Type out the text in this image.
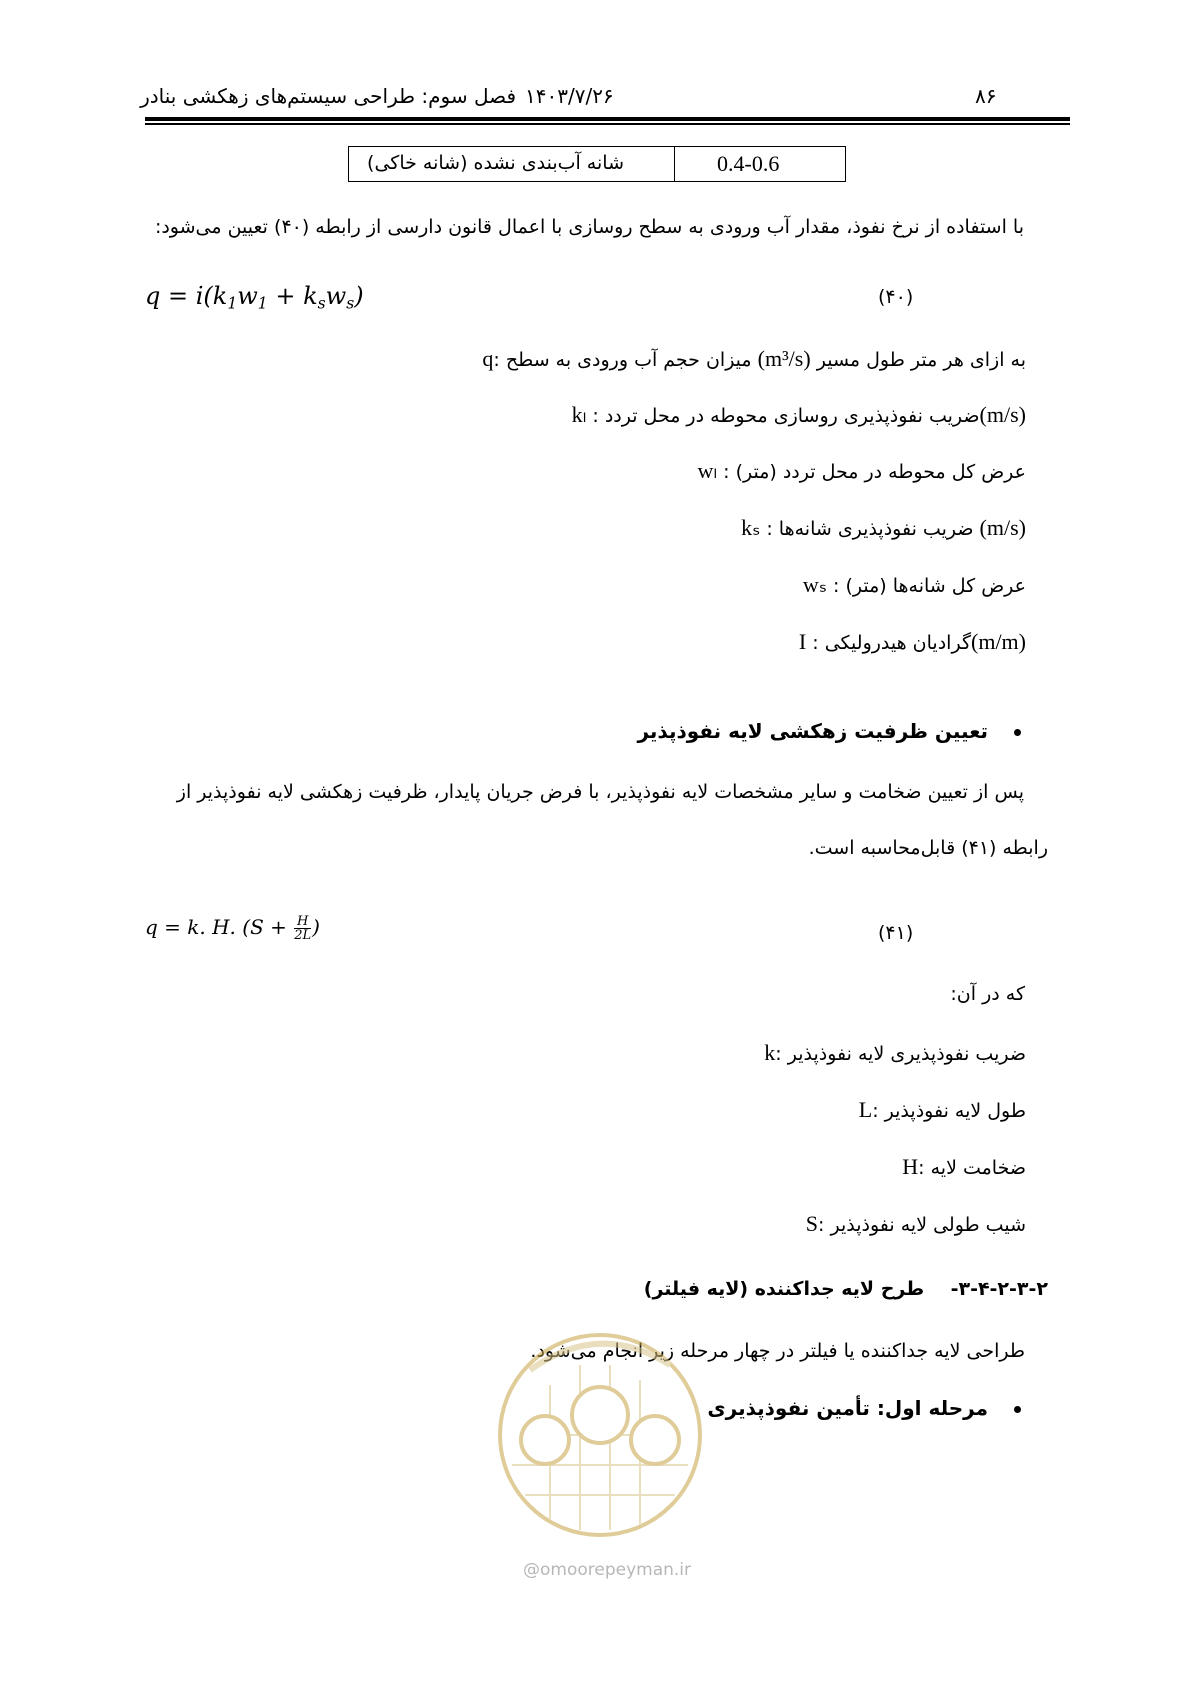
۸۶
۱۴۰۳/۷/۲۶
فصل سوم: طراحی سیستم‌های زهکشی بنادر
شانه آب‌بندی نشده (شانه خاکی)	0.4-0.6
با استفاده از نرخ نفوذ، مقدار آب ورودی به سطح روسازی با اعمال قانون دارسی از رابطه (۴۰) تعیین می‌شود:
$q = i(k_1w_1 + k_sw_s)$	(۴۰)
q: میزان حجم آب ورودی به سطح (m³/s) به ازای هر متر طول مسیر
kₗ : ضریب نفوذپذیری روسازی محوطه در محل تردد(m/s)
wₗ : عرض کل محوطه در محل تردد (متر)
kₛ : ضریب نفوذپذیری شانه‌ها (m/s)
wₛ : عرض کل شانه‌ها (متر)
I : گرادیان هیدرولیکی(m/m)
تعیین ظرفیت زهکشی لایه نفوذپذیر
پس از تعیین ضخامت و سایر مشخصات لایه نفوذپذیر، با فرض جریان پایدار، ظرفیت زهکشی لایه نفوذپذیر از
رابطه (۴۱) قابل‌محاسبه است.
q = k. H. ($S + \frac{H}{2L}$ )	(۴۱)
که در آن:
k: ضریب نفوذپذیری لایه نفوذپذیر
L: طول لایه نفوذپذیر
H: ضخامت لایه
S: شیب طولی لایه نفوذپذیر
۳-۴-۲-۳-۲-    طرح لایه جداکننده (لایه فیلتر)
طراحی لایه جداکننده یا فیلتر در چهار مرحله زیر انجام می‌شود.
@omoorepeyman.ir
مرحله اول: تأمین نفوذپذیری
